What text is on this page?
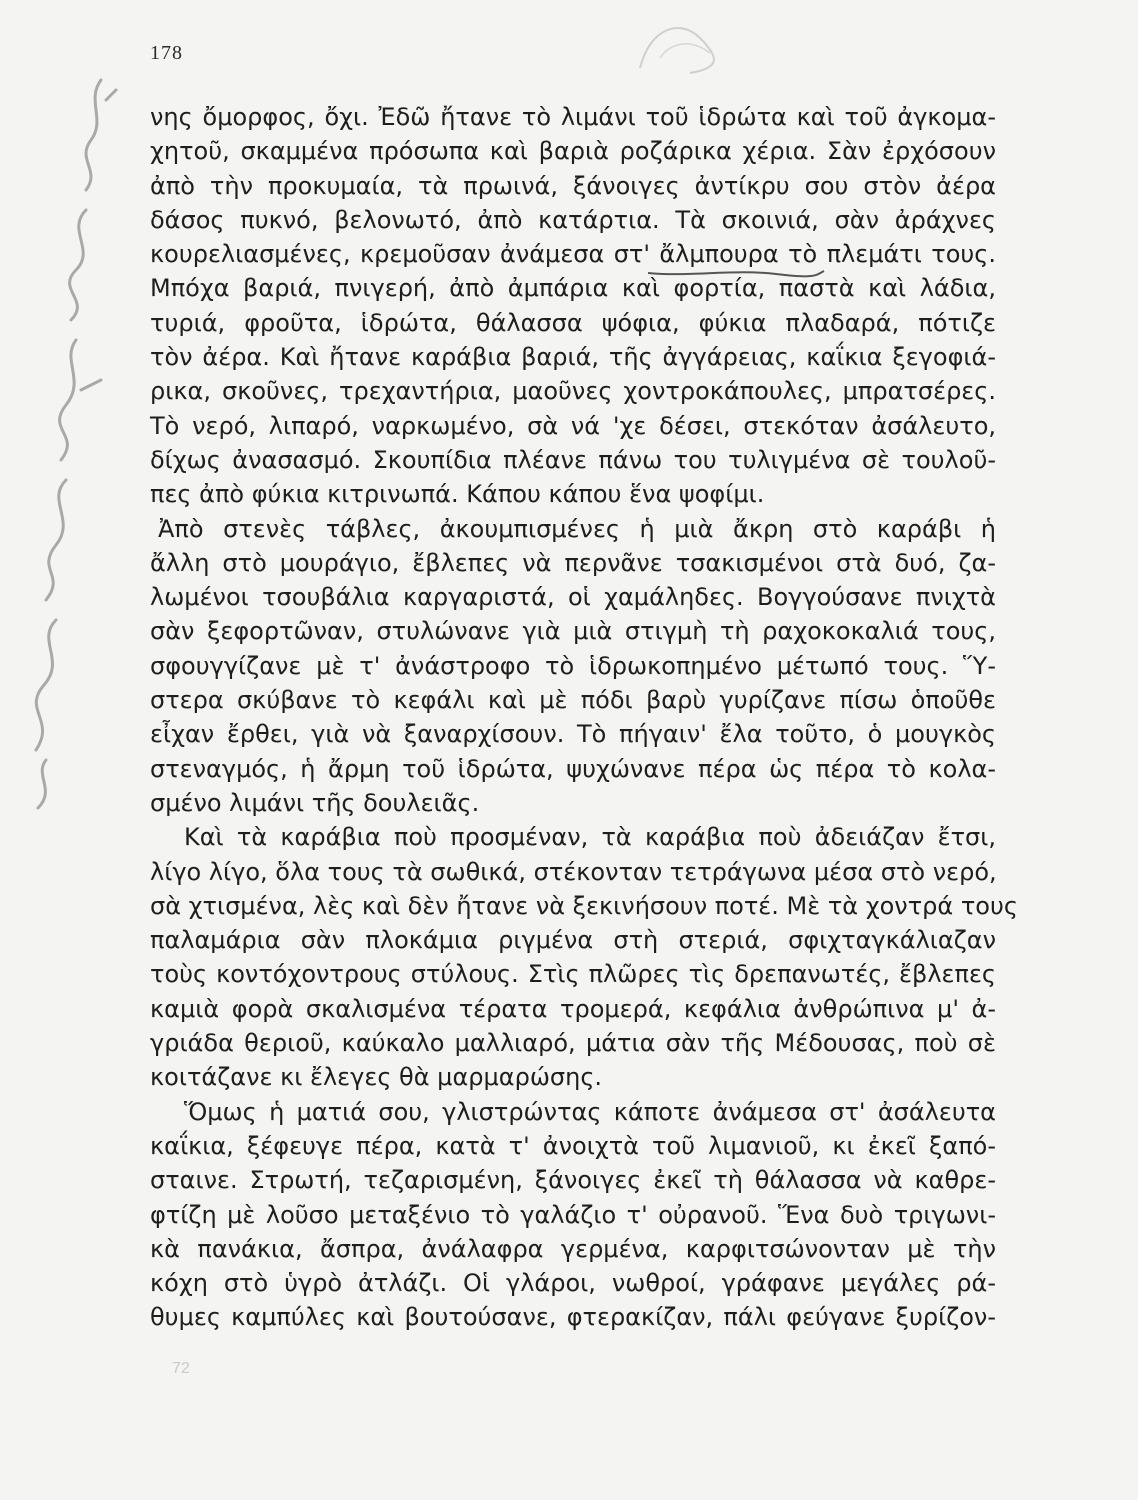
178
νης ὄμορφος, ὄχι. Ἐδῶ ἤτανε τὸ λιμάνι τοῦ ἱδρώτα καὶ τοῦ ἀγκομα-
χητοῦ, σκαμμένα πρόσωπα καὶ βαριὰ ροζάρικα χέρια. Σὰν ἐρχόσουν
ἀπὸ τὴν προκυμαία, τὰ πρωινά, ξάνοιγες ἀντίκρυ σου στὸν ἀέρα
δάσος πυκνό, βελονωτό, ἀπὸ κατάρτια. Τὰ σκοινιά, σὰν ἀράχνες
κουρελιασμένες, κρεμοῦσαν ἀνάμεσα στ' ἄλμπουρα τὸ πλεμάτι τους.
Μπόχα βαριά, πνιγερή, ἀπὸ ἀμπάρια καὶ φορτία, παστὰ καὶ λάδια,
τυριά, φροῦτα, ἱδρώτα, θάλασσα ψόφια, φύκια πλαδαρά, πότιζε
τὸν ἀέρα. Καὶ ἤτανε καράβια βαριά, τῆς ἀγγάρειας, καΐκια ξεγοφιά-
ρικα, σκοῦνες, τρεχαντήρια, μαοῦνες χοντροκάπουλες, μπρατσέρες.
Τὸ νερό, λιπαρό, ναρκωμένο, σὰ νά 'χε δέσει, στεκόταν ἀσάλευτο,
δίχως ἀνασασμό. Σκουπίδια πλέανε πάνω του τυλιγμένα σὲ τουλοῦ-
πες ἀπὸ φύκια κιτρινωπά. Κάπου κάπου ἕνα ψοφίμι.
Ἀπὸ στενὲς τάβλες, ἀκουμπισμένες ἡ μιὰ ἄκρη στὸ καράβι ἡ
ἄλλη στὸ μουράγιο, ἔβλεπες νὰ περνᾶνε τσακισμένοι στὰ δυό, ζα-
λωμένοι τσουβάλια καργαριστά, οἱ χαμάληδες. Βογγούσανε πνιχτὰ
σὰν ξεφορτῶναν, στυλώνανε γιὰ μιὰ στιγμὴ τὴ ραχοκοκαλιά τους,
σφουγγίζανε μὲ τ' ἀνάστροφο τὸ ἱδρωκοπημένο μέτωπό τους. Ὕ-
στερα σκύβανε τὸ κεφάλι καὶ μὲ πόδι βαρὺ γυρίζανε πίσω ὁποῦθε
εἶχαν ἔρθει, γιὰ νὰ ξαναρχίσουν. Τὸ πήγαιν' ἔλα τοῦτο, ὁ μουγκὸς
στεναγμός, ἡ ἄρμη τοῦ ἱδρώτα, ψυχώνανε πέρα ὡς πέρα τὸ κολα-
σμένο λιμάνι τῆς δουλειᾶς.
Καὶ τὰ καράβια ποὺ προσμέναν, τὰ καράβια ποὺ ἀδειάζαν ἔτσι,
λίγο λίγο, ὅλα τους τὰ σωθικά, στέκονταν τετράγωνα μέσα στὸ νερό,
σὰ χτισμένα, λὲς καὶ δὲν ἤτανε νὰ ξεκινήσουν ποτέ. Μὲ τὰ χοντρά τους
παλαμάρια σὰν πλοκάμια ριγμένα στὴ στεριά, σφιχταγκάλιαζαν
τοὺς κοντόχοντρους στύλους. Στὶς πλῶρες τὶς δρεπανωτές, ἔβλεπες
καμιὰ φορὰ σκαλισμένα τέρατα τρομερά, κεφάλια ἀνθρώπινα μ' ἀ-
γριάδα θεριοῦ, καύκαλο μαλλιαρό, μάτια σὰν τῆς Μέδουσας, ποὺ σὲ
κοιτάζανε κι ἔλεγες θὰ μαρμαρώσης.
Ὅμως ἡ ματιά σου, γλιστρώντας κάποτε ἀνάμεσα στ' ἀσάλευτα
καΐκια, ξέφευγε πέρα, κατὰ τ' ἀνοιχτὰ τοῦ λιμανιοῦ, κι ἐκεῖ ξαπό-
σταινε. Στρωτή, τεζαρισμένη, ξάνοιγες ἐκεῖ τὴ θάλασσα νὰ καθρε-
φτίζη μὲ λοῦσο μεταξένιο τὸ γαλάζιο τ' οὐρανοῦ. Ἕνα δυὸ τριγωνι-
κὰ πανάκια, ἄσπρα, ἀνάλαφρα γερμένα, καρφιτσώνονταν μὲ τὴν
κόχη στὸ ὑγρὸ ἀτλάζι. Οἱ γλάροι, νωθροί, γράφανε μεγάλες ρά-
θυμες καμπύλες καὶ βουτούσανε, φτερακίζαν, πάλι φεύγανε ξυρίζον-
72
